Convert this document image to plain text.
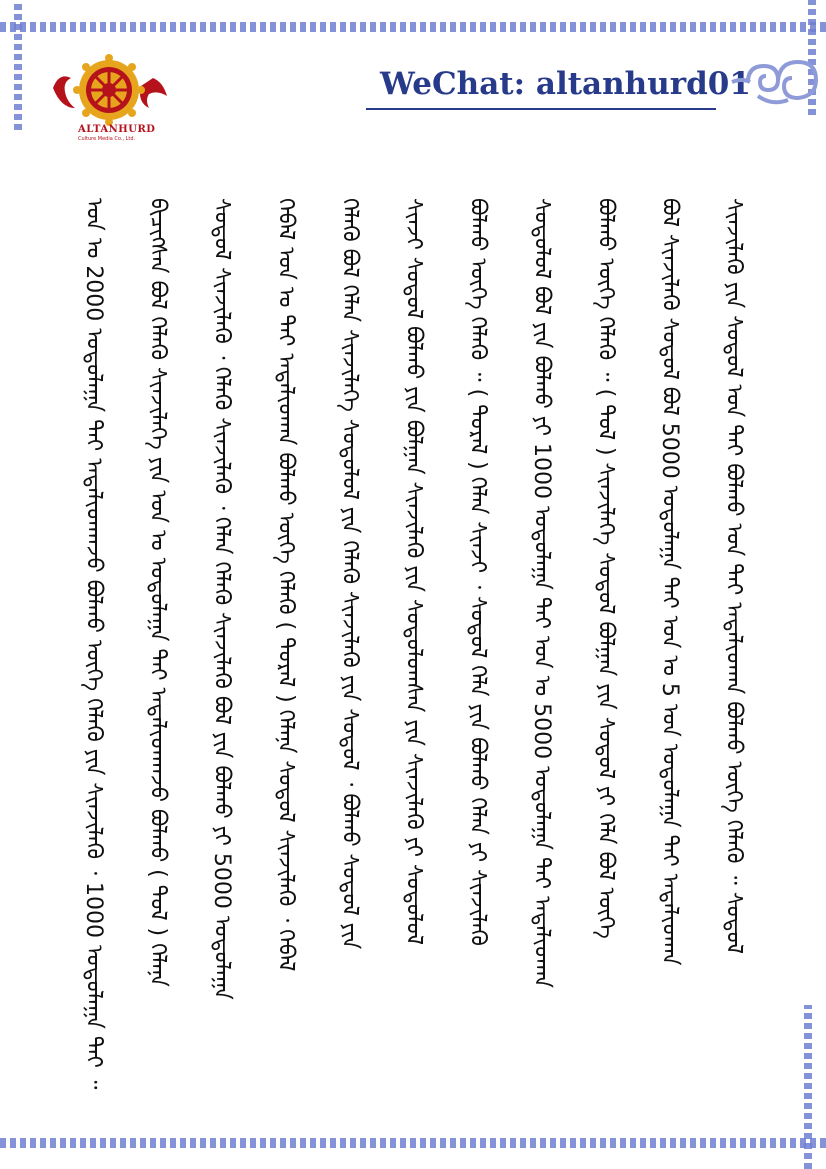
ALTANHURD
Culture Media Co., Ltd.
WeChat: altanhurd01
ᠣᠨ ᠤ 2000 ᠣᠳᠣᠯᠠᠭᠠ ᠲᠠᠢ ᠠᠳᠠᠯᠢᠳᠬᠠᠵᠤ ᠪᠣᠯᠬᠤ ᠦᠭᠡ ᠬᠡᠯᠡᠬᠦ ᠶᠢᠨ ᠰᠢᠨᠵᠢᠯᠡᠬᠦ ᠂ 1000 ᠣᠳᠣᠯᠠᠭᠠ ᠲᠠᠢ ᠃	ᠪᠢᠴᠢᠭᠰᠡᠨ ᠪᠣᠯ ᠬᠡᠯᠡᠬᠦ ᠰᠢᠨᠵᠢᠯᠡᠭᠡ ᠶᠢᠨ ᠣᠨ ᠤ ᠣᠳᠣᠯᠠᠭᠠ ᠲᠠᠢ ᠠᠳᠠᠯᠢᠳᠬᠠᠵᠤ ᠪᠣᠯᠬᠤ ( ᠳᠤᠯ ) ᠬᠡᠯᠡᠨᠡ	ᠰᠤᠳᠤᠯ ᠰᠢᠨᠵᠢᠯᠡᠬᠦ ᠂ ᠬᠡᠯᠡᠬᠦ ᠰᠢᠨᠵᠢᠯᠡᠬᠦ ᠂ ᠬᠡᠯᠡᠨ ᠬᠡᠯᠡᠬᠦ ᠰᠢᠨᠵᠢᠯᠡᠬᠦ ᠪᠣᠯ ᠶᠢᠨ ᠪᠣᠯᠬᠤ ᠶᠢ 5000 ᠣᠳᠣᠯᠠᠭᠠ	ᠭᠡᠪᠡᠯ ᠣᠨ ᠤ ᠲᠠᠢ ᠠᠳᠠᠯᠢᠳᠬᠠ ᠪᠣᠯᠬᠤ ᠦᠭᠡ ᠬᠡᠯᠡᠬᠦ ( ᠳᠤᠷᠠᠯ ) ᠬᠡᠯᠡᠨᠡ ᠰᠤᠳᠤᠯ ᠰᠢᠨᠵᠢᠯᠡᠬᠦ ᠂ ᠭᠡᠪᠡᠯ	ᠬᠡᠯᠡᠬᠦ ᠪᠣᠯ ᠬᠡᠯᠡᠨ ᠰᠢᠨᠵᠢᠯᠡᠭᠡ ᠰᠤᠳᠤᠯᠤᠯ ᠶᠢᠨ ᠬᠡᠯᠡᠬᠦ ᠰᠢᠨᠵᠢᠯᠡᠬᠦ ᠶᠢᠨ ᠰᠤᠳᠤᠯ ᠂ ᠪᠣᠯᠬᠤ ᠰᠤᠳᠤᠯ ᠶᠢᠨ	ᠰᠢᠨᠵᠢ ᠰᠤᠳᠤᠯ ᠪᠣᠯᠬᠤ ᠶᠢᠨ ᠪᠣᠯᠭᠠᠨ ᠰᠢᠨᠵᠢᠯᠡᠬᠦ ᠶᠢᠨ ᠰᠤᠳᠤᠯᠤᠭᠰᠠᠨ ᠶᠢᠨ ᠰᠢᠨᠵᠢᠯᠡᠬᠦ ᠶᠢ ᠰᠤᠳᠤᠯᠤᠯ	ᠪᠣᠯᠬᠤ ᠦᠭᠡ ᠬᠡᠯᠡᠬᠦ ᠃ ( ᠳᠤᠷᠠᠯ ) ᠬᠡᠯᠡᠨ ᠰᠢᠨᠵᠢ ᠂ ᠰᠤᠳᠤᠯ ᠬᠡᠯᠡ ᠶᠢᠨ ᠪᠣᠯᠬᠤ ᠬᠡᠯᠡᠨ ᠶᠢ ᠰᠢᠨᠵᠢᠯᠡᠬᠦ	ᠰᠤᠳᠤᠯᠤᠯ ᠪᠣᠯ ᠶᠢᠨ ᠪᠣᠯᠬᠤ ᠶᠢ 1000 ᠣᠳᠣᠯᠠᠭᠠ ᠲᠠᠢ ᠣᠨ ᠤ 5000 ᠣᠳᠣᠯᠠᠭᠠ ᠲᠠᠢ ᠠᠳᠠᠯᠢᠳᠬᠠ	ᠪᠣᠯᠬᠤ ᠦᠭᠡ ᠬᠡᠯᠡᠬᠦ ᠃ ( ᠳᠤᠯ ) ᠰᠢᠨᠵᠢᠯᠡᠭᠡ ᠰᠤᠳᠤᠯ ᠪᠣᠯᠭᠠᠨ ᠶᠢᠨ ᠰᠤᠳᠤᠯ ᠶᠢ ᠬᠡᠯᠡ ᠪᠣᠯ ᠦᠭᠡ	ᠪᠣᠯ ᠰᠢᠨᠵᠢᠯᠡᠬᠦ ᠰᠤᠳᠤᠯ ᠪᠣᠯ 5000 ᠣᠳᠣᠯᠠᠭᠠ ᠲᠠᠢ ᠣᠨ ᠤ 5 ᠣᠨ ᠣᠳᠣᠯᠠᠭᠠ ᠲᠠᠢ ᠠᠳᠠᠯᠢᠳᠬᠠ	ᠰᠢᠨᠵᠢᠯᠡᠬᠦ ᠶᠢᠨ ᠰᠤᠳᠤᠯ ᠣᠨ ᠲᠠᠢ ᠪᠣᠯᠬᠤ ᠣᠨ ᠲᠠᠢ ᠠᠳᠠᠯᠢᠳᠬᠠ ᠪᠣᠯᠬᠤ ᠦᠭᠡ ᠬᠡᠯᠡᠬᠦ ᠃ ᠰᠤᠳᠤᠯ
